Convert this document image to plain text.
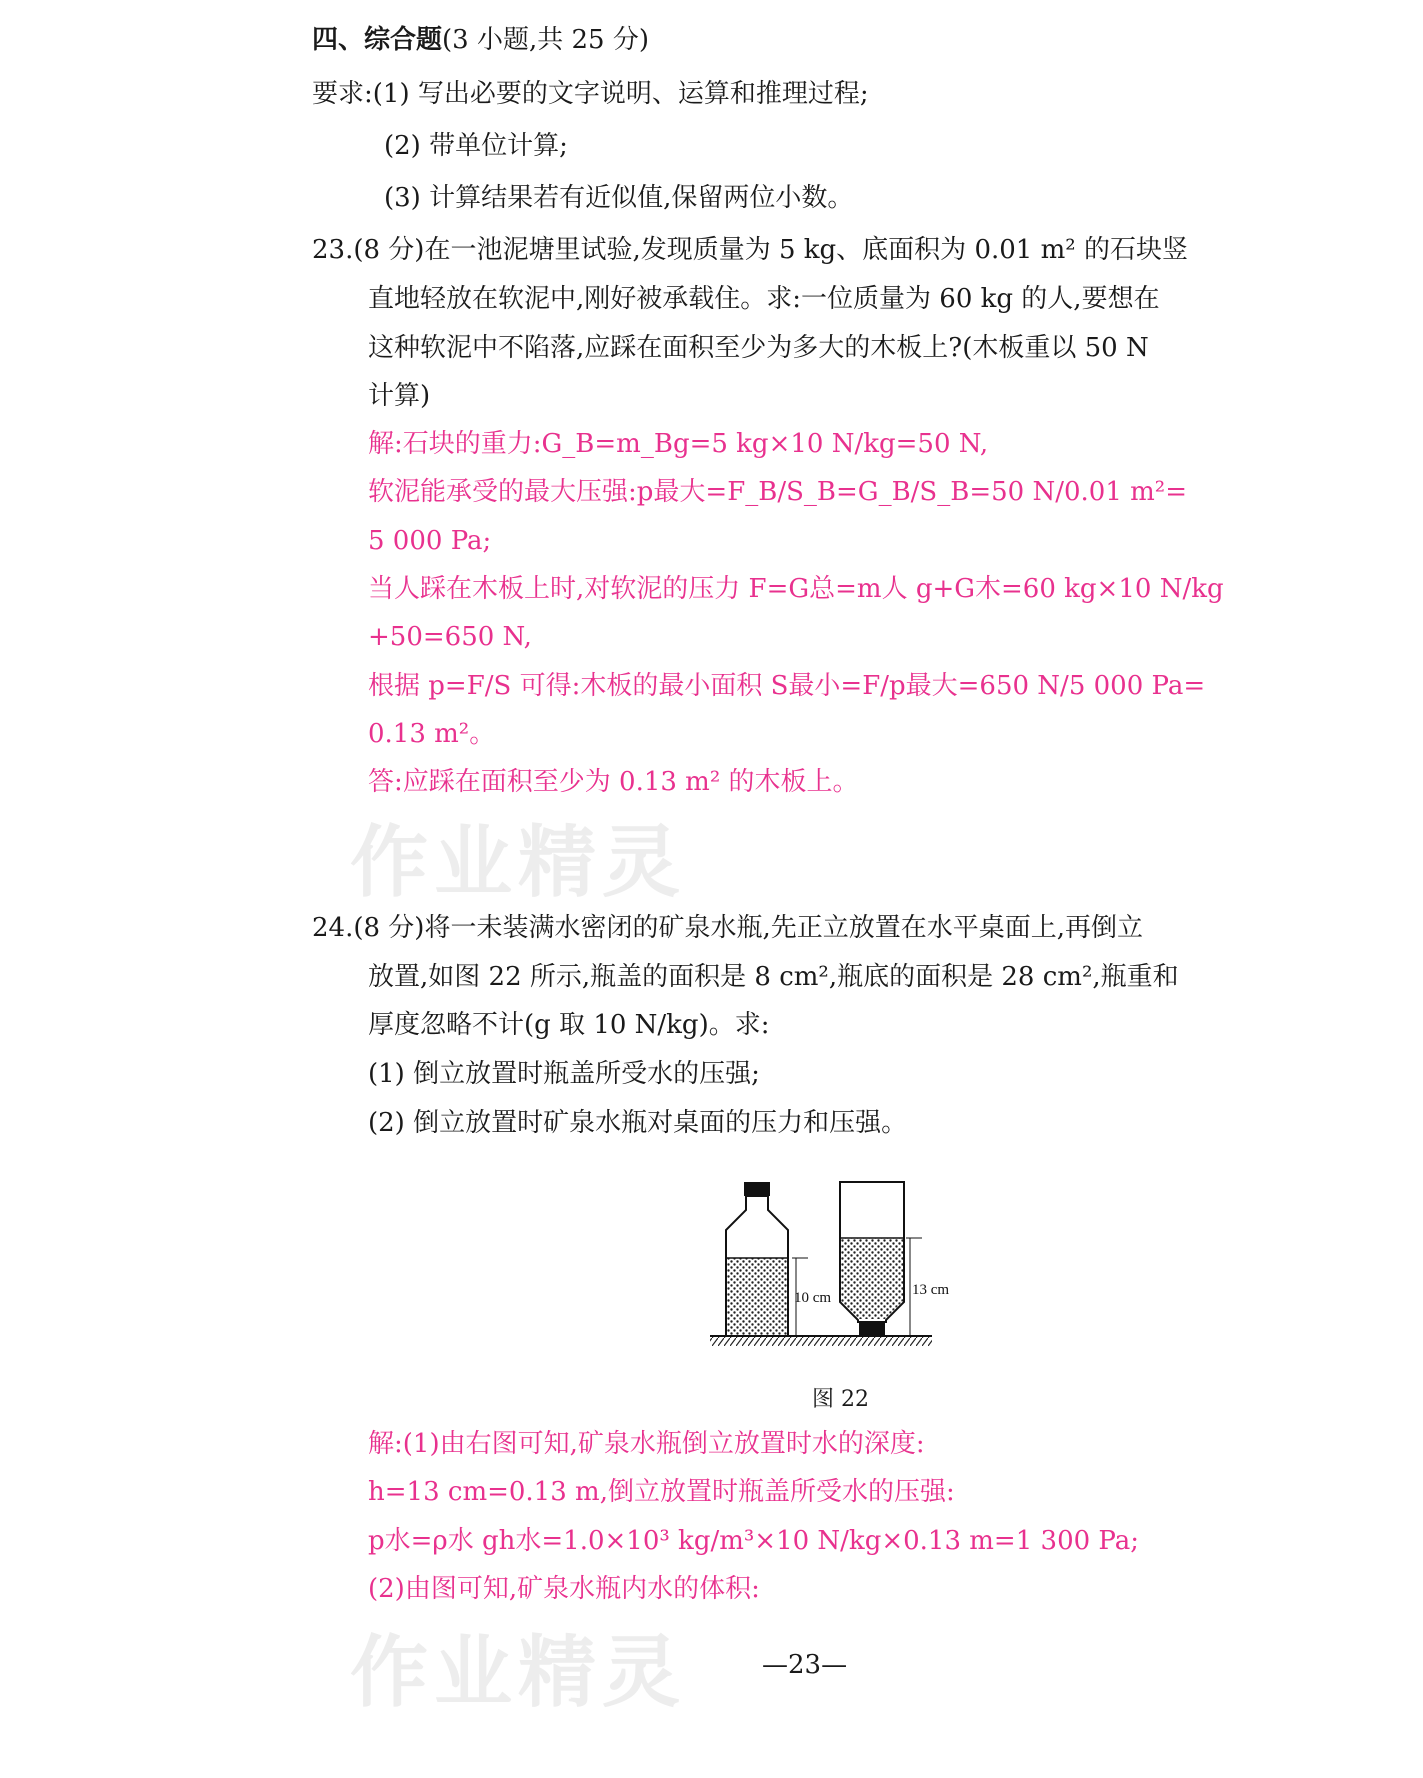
作业精灵
作业精灵
四、综合题(3 小题,共 25 分)
要求:(1) 写出必要的文字说明、运算和推理过程;
(2) 带单位计算;
(3) 计算结果若有近似值,保留两位小数。
23.(8 分)在一池泥塘里试验,发现质量为 5 kg、底面积为 0.01 m² 的石块竖
直地轻放在软泥中,刚好被承载住。求:一位质量为 60 kg 的人,要想在
这种软泥中不陷落,应踩在面积至少为多大的木板上?(木板重以 50 N
计算)
解:石块的重力:G_B=m_Bg=5 kg×10 N/kg=50 N,
软泥能承受的最大压强:p最大=F_B/S_B=G_B/S_B=50 N/0.01 m²=
5 000 Pa;
当人踩在木板上时,对软泥的压力 F=G总=m人 g+G木=60 kg×10 N/kg
+50=650 N,
根据 p=F/S 可得:木板的最小面积 S最小=F/p最大=650 N/5 000 Pa=
0.13 m²。
答:应踩在面积至少为 0.13 m² 的木板上。
24.(8 分)将一未装满水密闭的矿泉水瓶,先正立放置在水平桌面上,再倒立
放置,如图 22 所示,瓶盖的面积是 8 cm²,瓶底的面积是 28 cm²,瓶重和
厚度忽略不计(g 取 10 N/kg)。求:
(1) 倒立放置时瓶盖所受水的压强;
(2) 倒立放置时矿泉水瓶对桌面的压力和压强。
10 cm	13 cm
图 22
解:(1)由右图可知,矿泉水瓶倒立放置时水的深度:
h=13 cm=0.13 m,倒立放置时瓶盖所受水的压强:
p水=ρ水 gh水=1.0×10³ kg/m³×10 N/kg×0.13 m=1 300 Pa;
(2)由图可知,矿泉水瓶内水的体积:
—23—
